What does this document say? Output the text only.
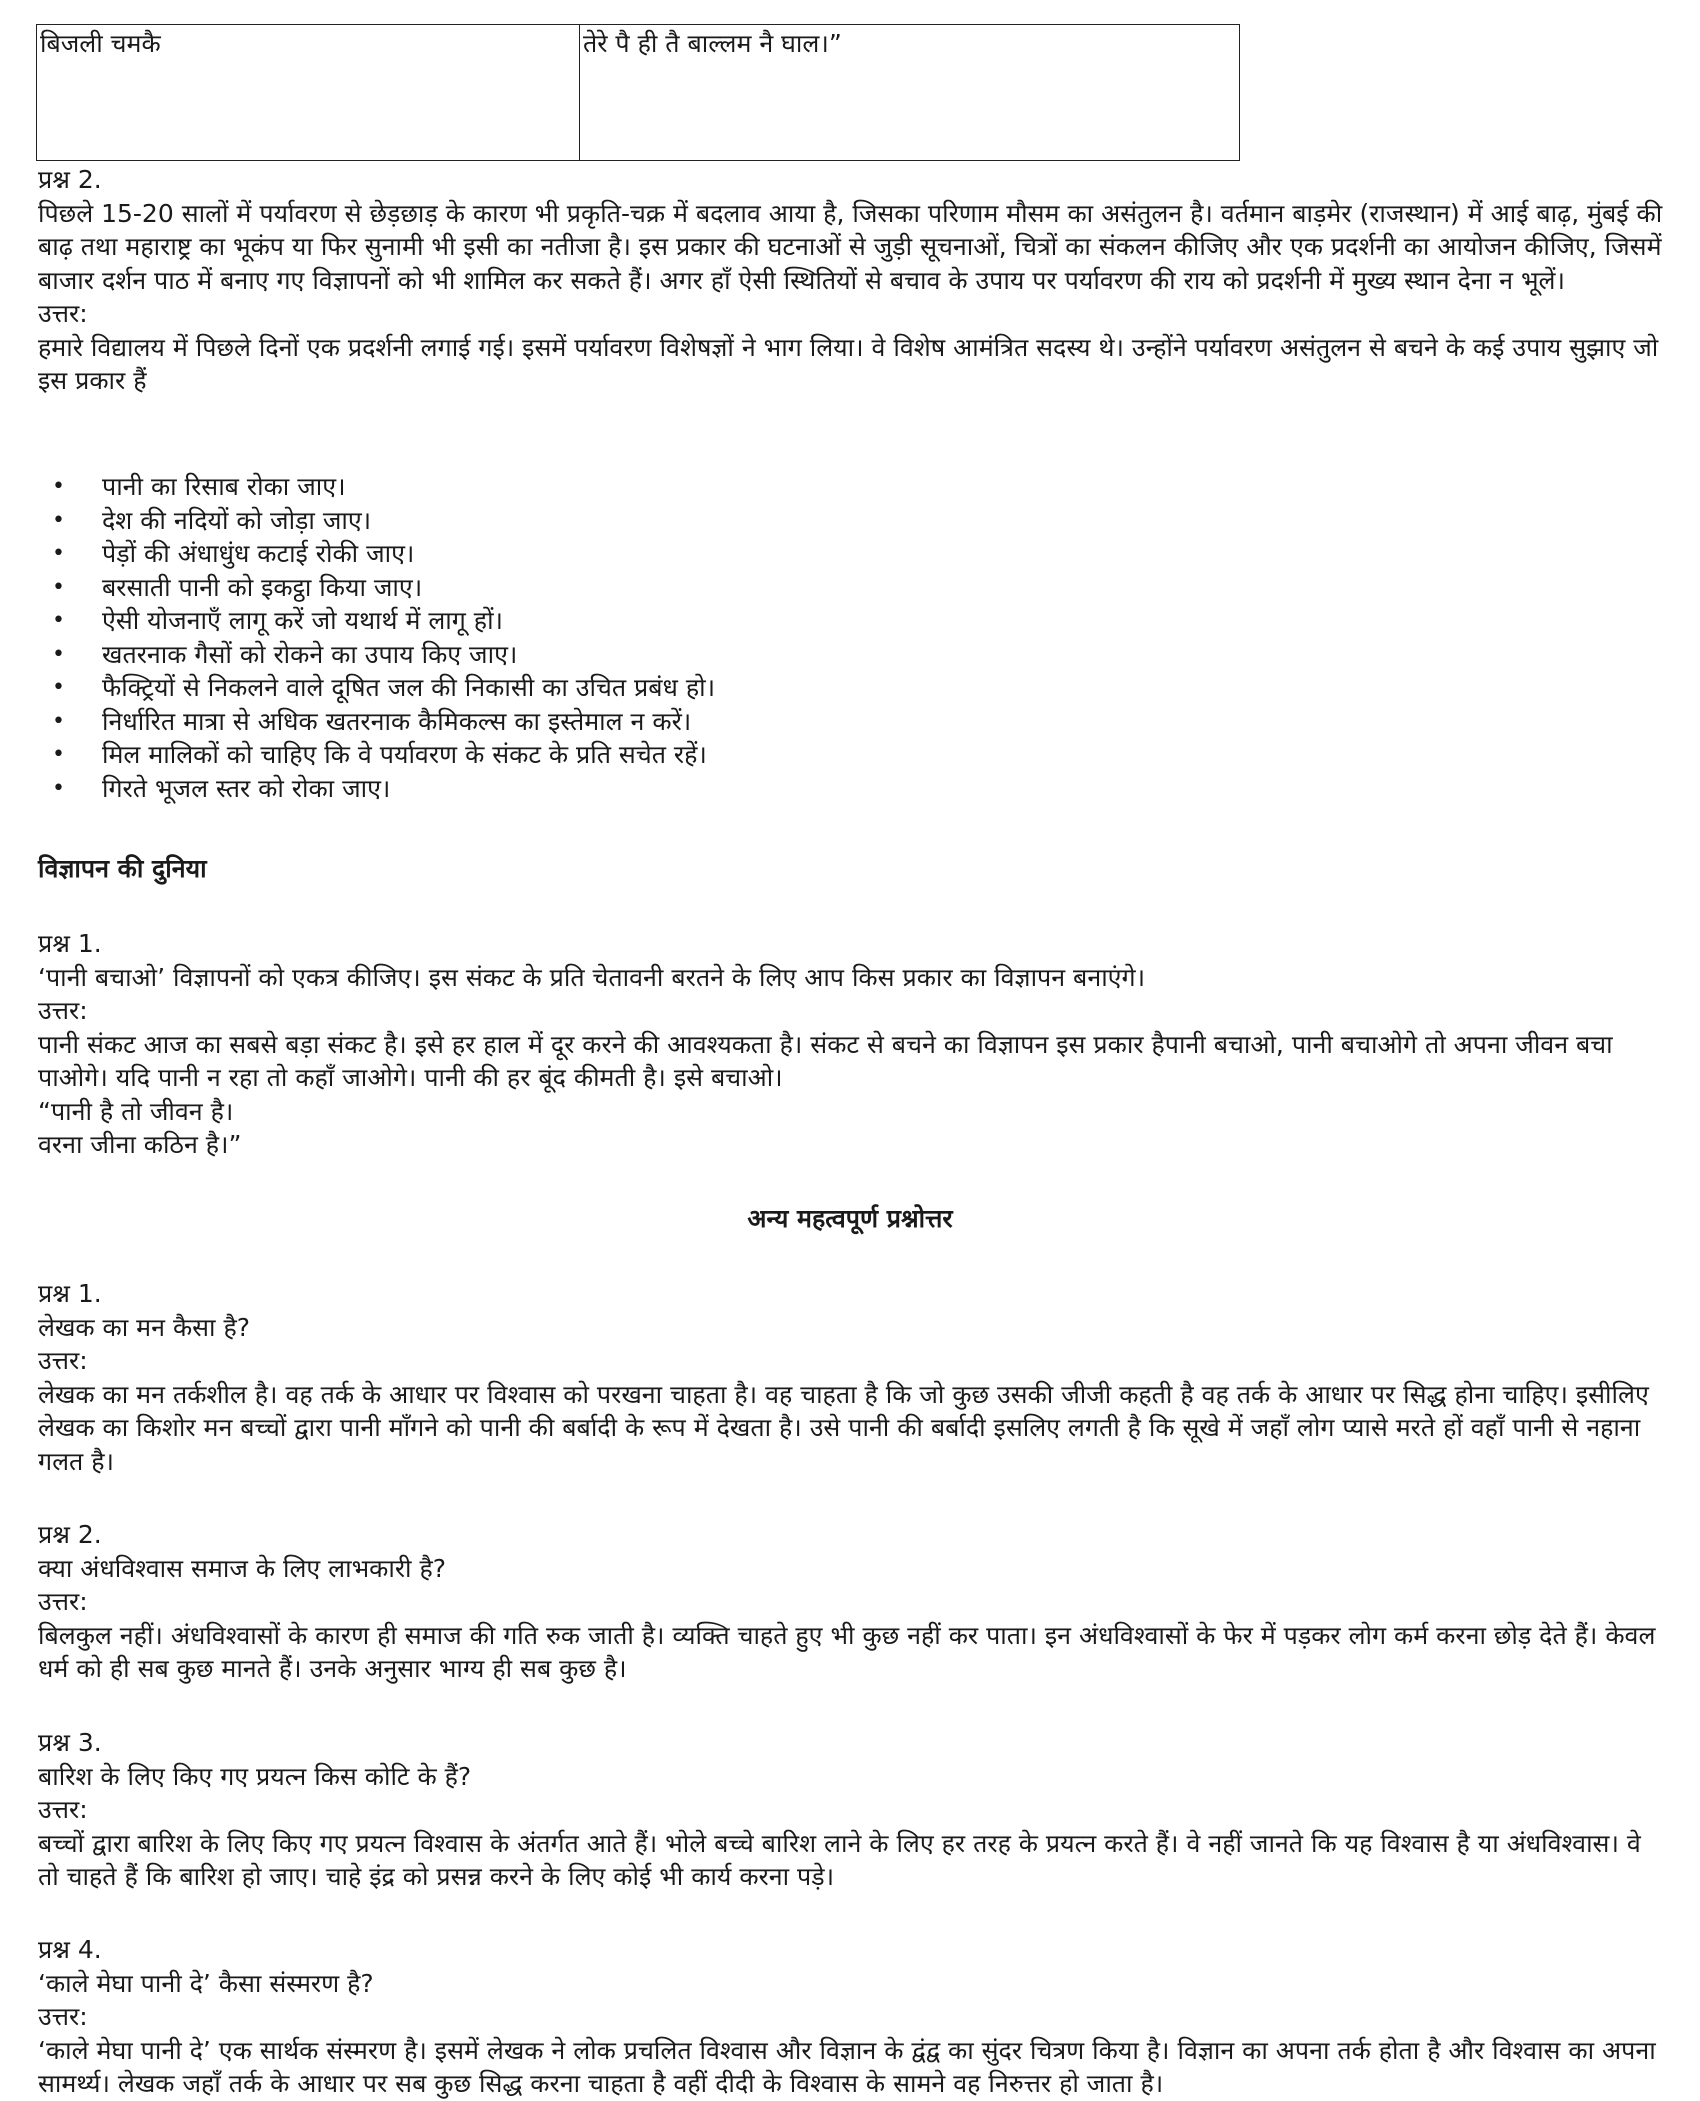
बिजली चमकै	तेरे पै ही तै बाल्लम नै घाल।”

प्रश्न 2.

पिछले 15-20 सालों में पर्यावरण से छेड़छाड़ के कारण भी प्रकृति-चक्र में बदलाव आया है, जिसका परिणाम मौसम का असंतुलन है। वर्तमान बाड़मेर (राजस्थान) में आई बाढ़, मुंबई की बाढ़ तथा महाराष्ट्र का भूकंप या फिर सुनामी भी इसी का नतीजा है। इस प्रकार की घटनाओं से जुड़ी सूचनाओं, चित्रों का संकलन कीजिए और एक प्रदर्शनी का आयोजन कीजिए, जिसमें बाजार दर्शन पाठ में बनाए गए विज्ञापनों को भी शामिल कर सकते हैं। अगर हाँ ऐसी स्थितियों से बचाव के उपाय पर पर्यावरण की राय को प्रदर्शनी में मुख्य स्थान देना न भूलें।

उत्तर:

हमारे विद्यालय में पिछले दिनों एक प्रदर्शनी लगाई गई। इसमें पर्यावरण विशेषज्ञों ने भाग लिया। वे विशेष आमंत्रित सदस्य थे। उन्होंने पर्यावरण असंतुलन से बचने के कई उपाय सुझाए जो इस प्रकार हैं

• पानी का रिसाब रोका जाए।
• देश की नदियों को जोड़ा जाए।
• पेड़ों की अंधाधुंध कटाई रोकी जाए।
• बरसाती पानी को इकट्ठा किया जाए।
• ऐसी योजनाएँ लागू करें जो यथार्थ में लागू हों।
• खतरनाक गैसों को रोकने का उपाय किए जाए।
• फैक्ट्रियों से निकलने वाले दूषित जल की निकासी का उचित प्रबंध हो।
• निर्धारित मात्रा से अधिक खतरनाक कैमिकल्स का इस्तेमाल न करें।
• मिल मालिकों को चाहिए कि वे पर्यावरण के संकट के प्रति सचेत रहें।
• गिरते भूजल स्तर को रोका जाए।
विज्ञापन की दुनिया

प्रश्न 1.

‘पानी बचाओ’ विज्ञापनों को एकत्र कीजिए। इस संकट के प्रति चेतावनी बरतने के लिए आप किस प्रकार का विज्ञापन बनाएंगे।

उत्तर:

पानी संकट आज का सबसे बड़ा संकट है। इसे हर हाल में दूर करने की आवश्यकता है। संकट से बचने का विज्ञापन इस प्रकार हैपानी बचाओ, पानी बचाओगे तो अपना जीवन बचा पाओगे। यदि पानी न रहा तो कहाँ जाओगे। पानी की हर बूंद कीमती है। इसे बचाओ।

“पानी है तो जीवन है।

वरना जीना कठिन है।”

अन्य महत्वपूर्ण प्रश्नोत्तर

प्रश्न 1.

लेखक का मन कैसा है?

उत्तर:

लेखक का मन तर्कशील है। वह तर्क के आधार पर विश्वास को परखना चाहता है। वह चाहता है कि जो कुछ उसकी जीजी कहती है वह तर्क के आधार पर सिद्ध होना चाहिए। इसीलिए लेखक का किशोर मन बच्चों द्वारा पानी माँगने को पानी की बर्बादी के रूप में देखता है। उसे पानी की बर्बादी इसलिए लगती है कि सूखे में जहाँ लोग प्यासे मरते हों वहाँ पानी से नहाना गलत है।

प्रश्न 2.

क्या अंधविश्वास समाज के लिए लाभकारी है?

उत्तर:

बिलकुल नहीं। अंधविश्वासों के कारण ही समाज की गति रुक जाती है। व्यक्ति चाहते हुए भी कुछ नहीं कर पाता। इन अंधविश्वासों के फेर में पड़कर लोग कर्म करना छोड़ देते हैं। केवल धर्म को ही सब कुछ मानते हैं। उनके अनुसार भाग्य ही सब कुछ है।

प्रश्न 3.

बारिश के लिए किए गए प्रयत्न किस कोटि के हैं?

उत्तर:

बच्चों द्वारा बारिश के लिए किए गए प्रयत्न विश्वास के अंतर्गत आते हैं। भोले बच्चे बारिश लाने के लिए हर तरह के प्रयत्न करते हैं। वे नहीं जानते कि यह विश्वास है या अंधविश्वास। वे तो चाहते हैं कि बारिश हो जाए। चाहे इंद्र को प्रसन्न करने के लिए कोई भी कार्य करना पड़े।

प्रश्न 4.

‘काले मेघा पानी दे’ कैसा संस्मरण है?

उत्तर:

‘काले मेघा पानी दे’ एक सार्थक संस्मरण है। इसमें लेखक ने लोक प्रचलित विश्वास और विज्ञान के द्वंद्व का सुंदर चित्रण किया है। विज्ञान का अपना तर्क होता है और विश्वास का अपना सामर्थ्य। लेखक जहाँ तर्क के आधार पर सब कुछ सिद्ध करना चाहता है वहीं दीदी के विश्वास के सामने वह निरुत्तर हो जाता है।
